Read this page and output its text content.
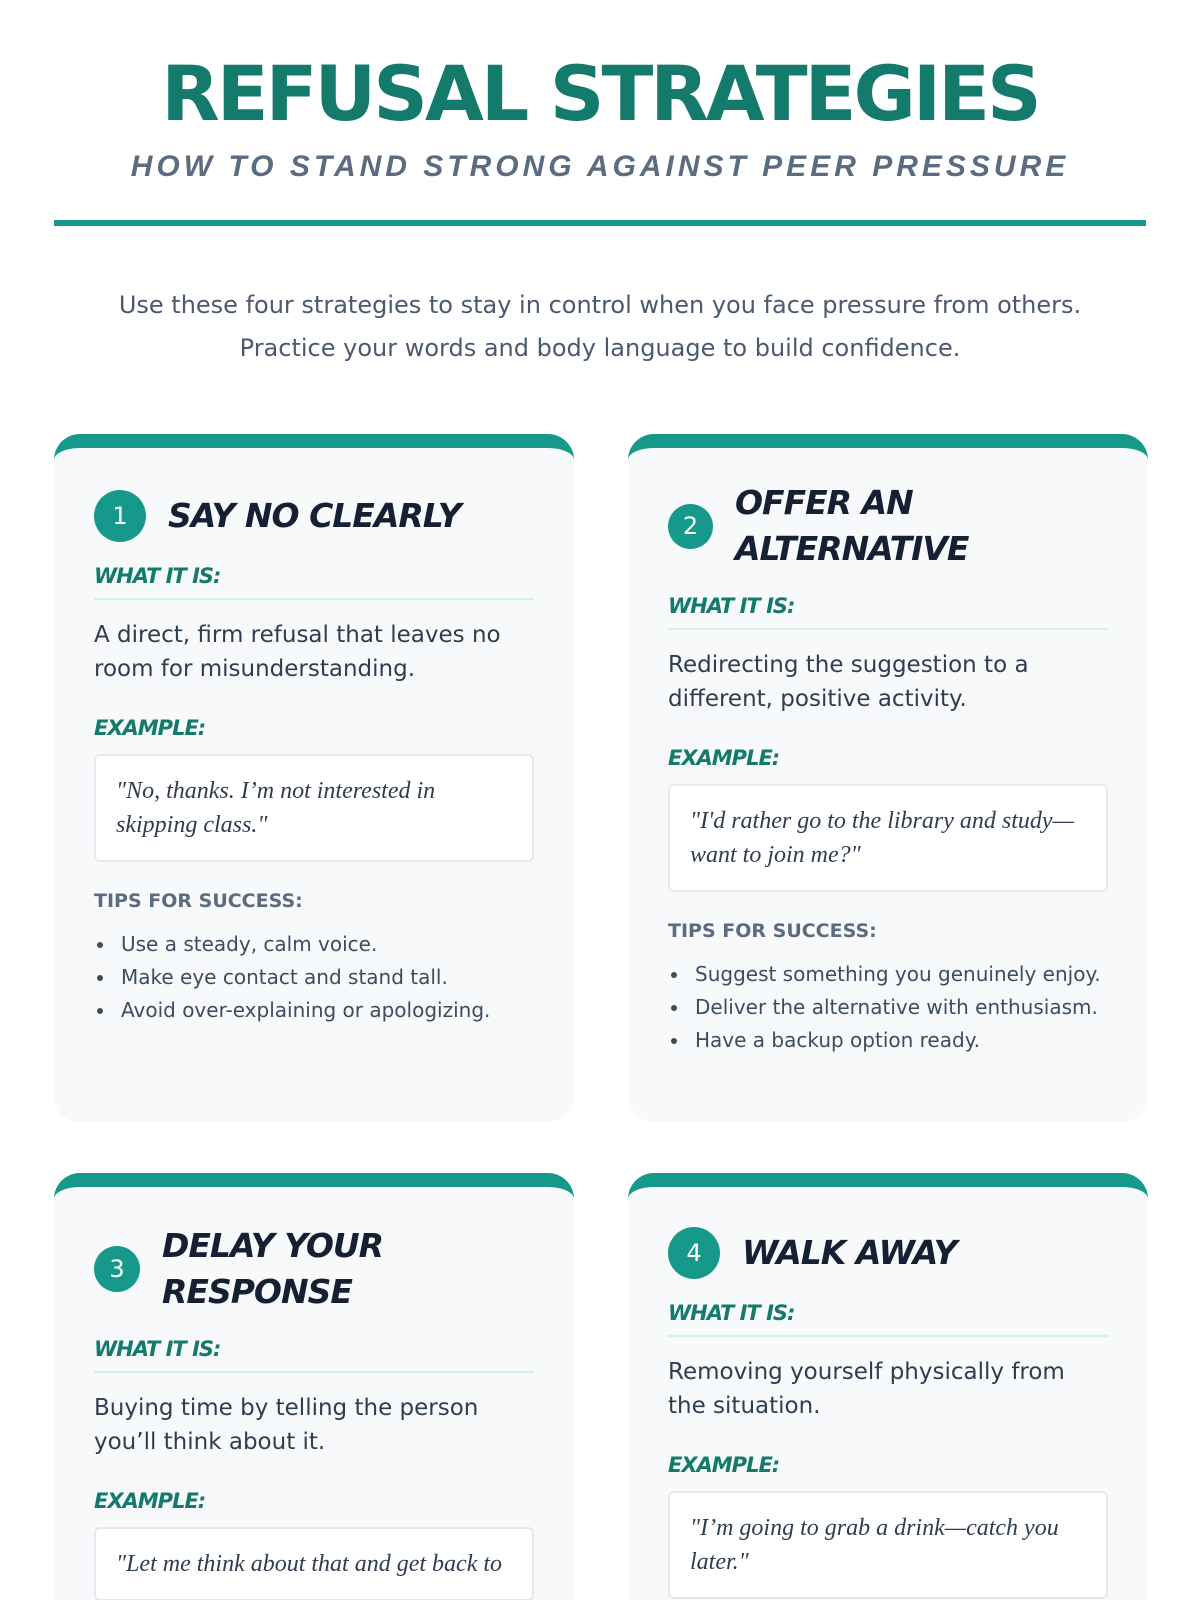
REFUSAL STRATEGIES
HOW TO STAND STRONG AGAINST PEER PRESSURE
Use these four strategies to stay in control when you face pressure from others.
Practice your words and body language to build confidence.
1	SAY NO CLEARLY
WHAT IT IS:
A direct, firm refusal that leaves no room for misunderstanding.
EXAMPLE:
"No, thanks. I’m not interested in skipping class."
TIPS FOR SUCCESS:
Use a steady, calm voice.
Make eye contact and stand tall.
Avoid over-explaining or apologizing.
2
OFFER AN
ALTERNATIVE
WHAT IT IS:
Redirecting the suggestion to a different, positive activity.
EXAMPLE:
"I'd rather go to the library and study—want to join me?"
TIPS FOR SUCCESS:
Suggest something you genuinely enjoy.
Deliver the alternative with enthusiasm.
Have a backup option ready.
3
DELAY YOUR
RESPONSE
WHAT IT IS:
Buying time by telling the person you’ll think about it.
EXAMPLE:
"Let me think about that and get back to
4	WALK AWAY
WHAT IT IS:
Removing yourself physically from the situation.
EXAMPLE:
"I’m going to grab a drink—catch you later."
